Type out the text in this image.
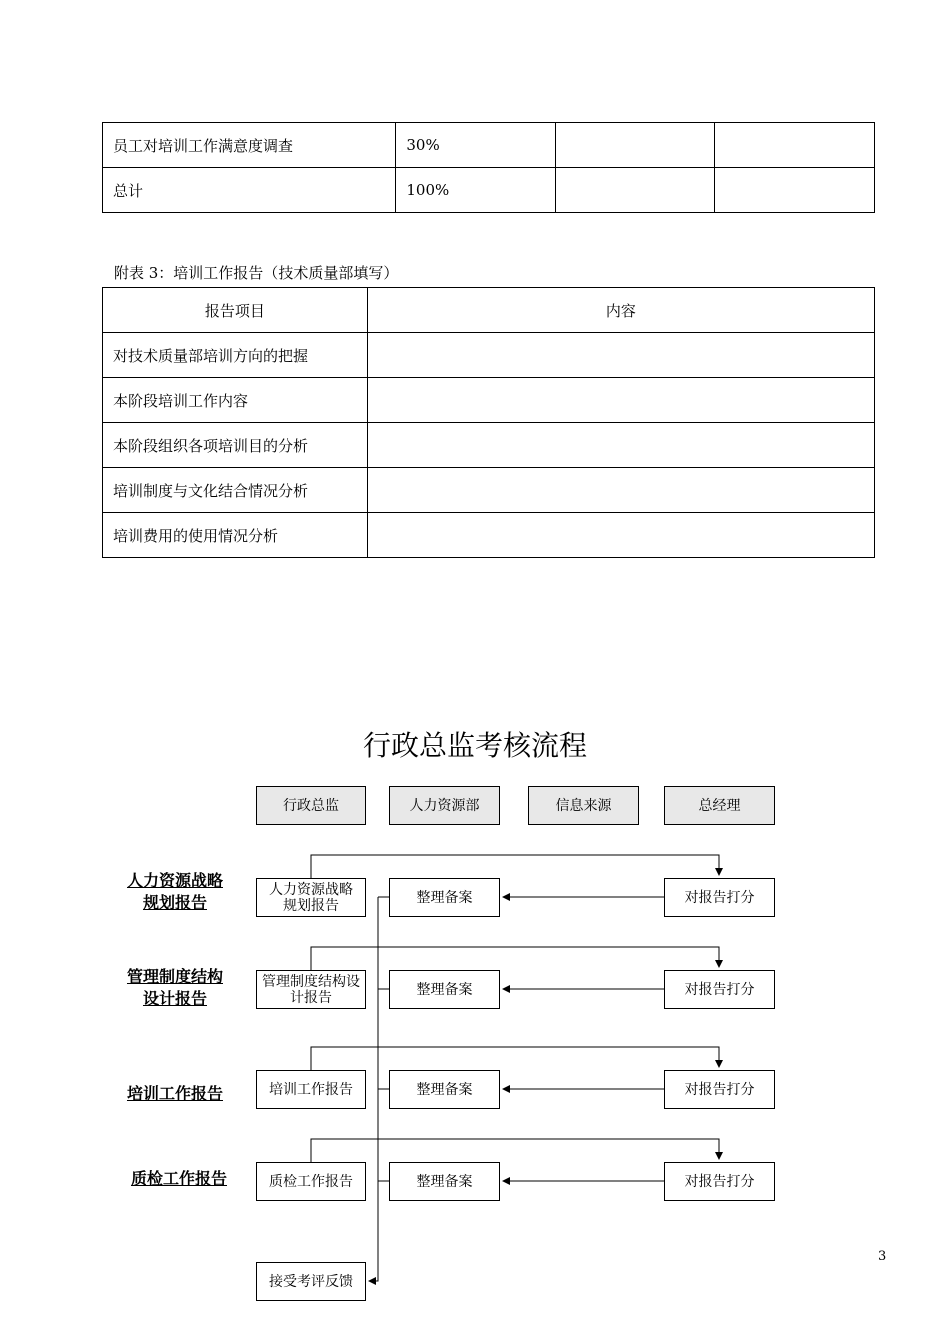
员工对培训工作满意度调查	30%		
总计	100%		
附表 3：培训工作报告（技术质量部填写）
报告项目	内容
对技术质量部培训方向的把握	
本阶段培训工作内容	
本阶段组织各项培训目的分析	
培训制度与文化结合情况分析	
培训费用的使用情况分析	
行政总监考核流程
行政总监	人力资源部	信息来源	总经理
人力资源战略
规划报告
人力资源战略
规划报告	整理备案	对报告打分
管理制度结构
设计报告
管理制度结构设
计报告	整理备案	对报告打分
培训工作报告	培训工作报告	整理备案	对报告打分
质检工作报告	质检工作报告	整理备案	对报告打分
接受考评反馈
3
